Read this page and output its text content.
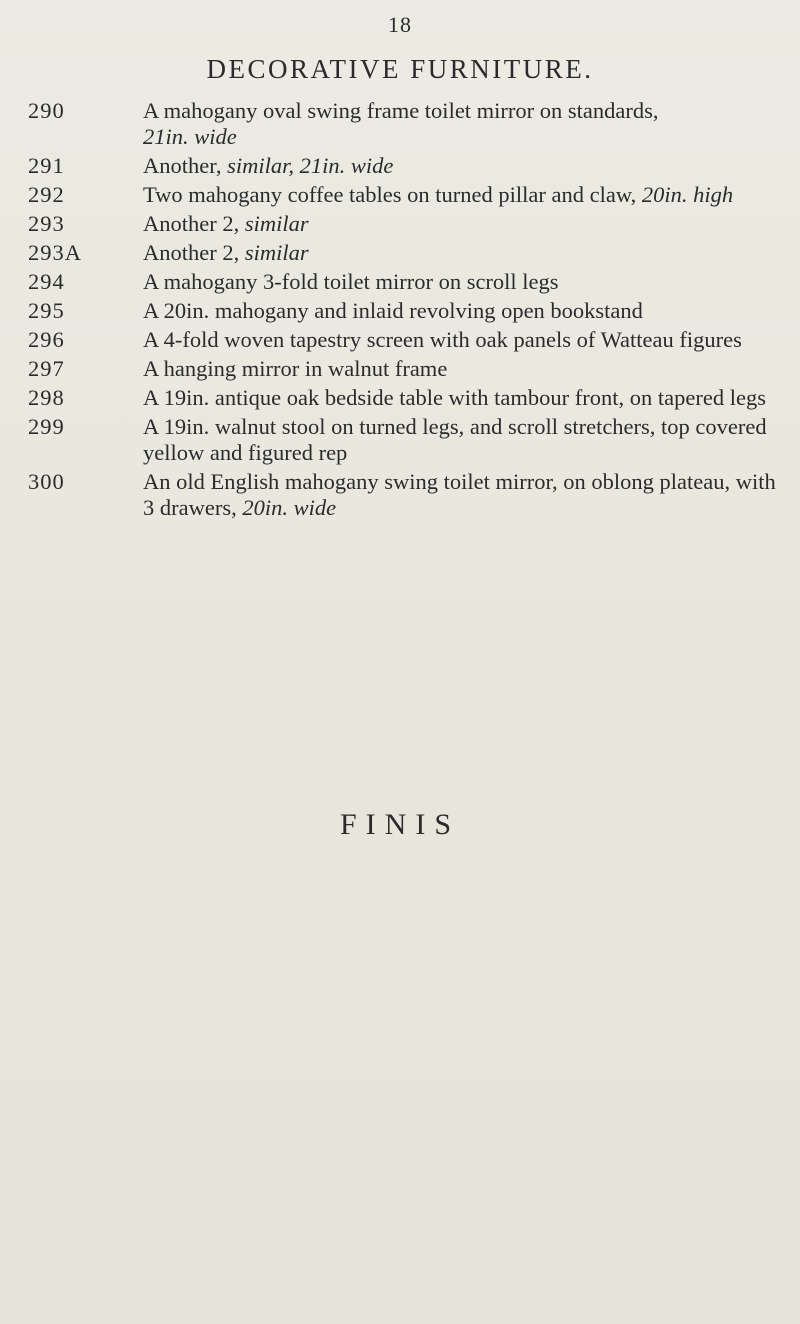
18
DECORATIVE FURNITURE.
290	A mahogany oval swing frame toilet mirror on standards,
21in. wide
291	Another, similar, 21in. wide
292	Two mahogany coffee tables on turned pillar and claw, 20in. high
293	Another 2, similar
293A	Another 2, similar
294	A mahogany 3-fold toilet mirror on scroll legs
295	A 20in. mahogany and inlaid revolving open bookstand
296	A 4-fold woven tapestry screen with oak panels of Watteau figures
297	A hanging mirror in walnut frame
298	A 19in. antique oak bedside table with tambour front, on tapered legs
299	A 19in. walnut stool on turned legs, and scroll stretchers, top covered yellow and figured rep
300	An old English mahogany swing toilet mirror, on oblong plateau, with 3 drawers, 20in. wide
FINIS
